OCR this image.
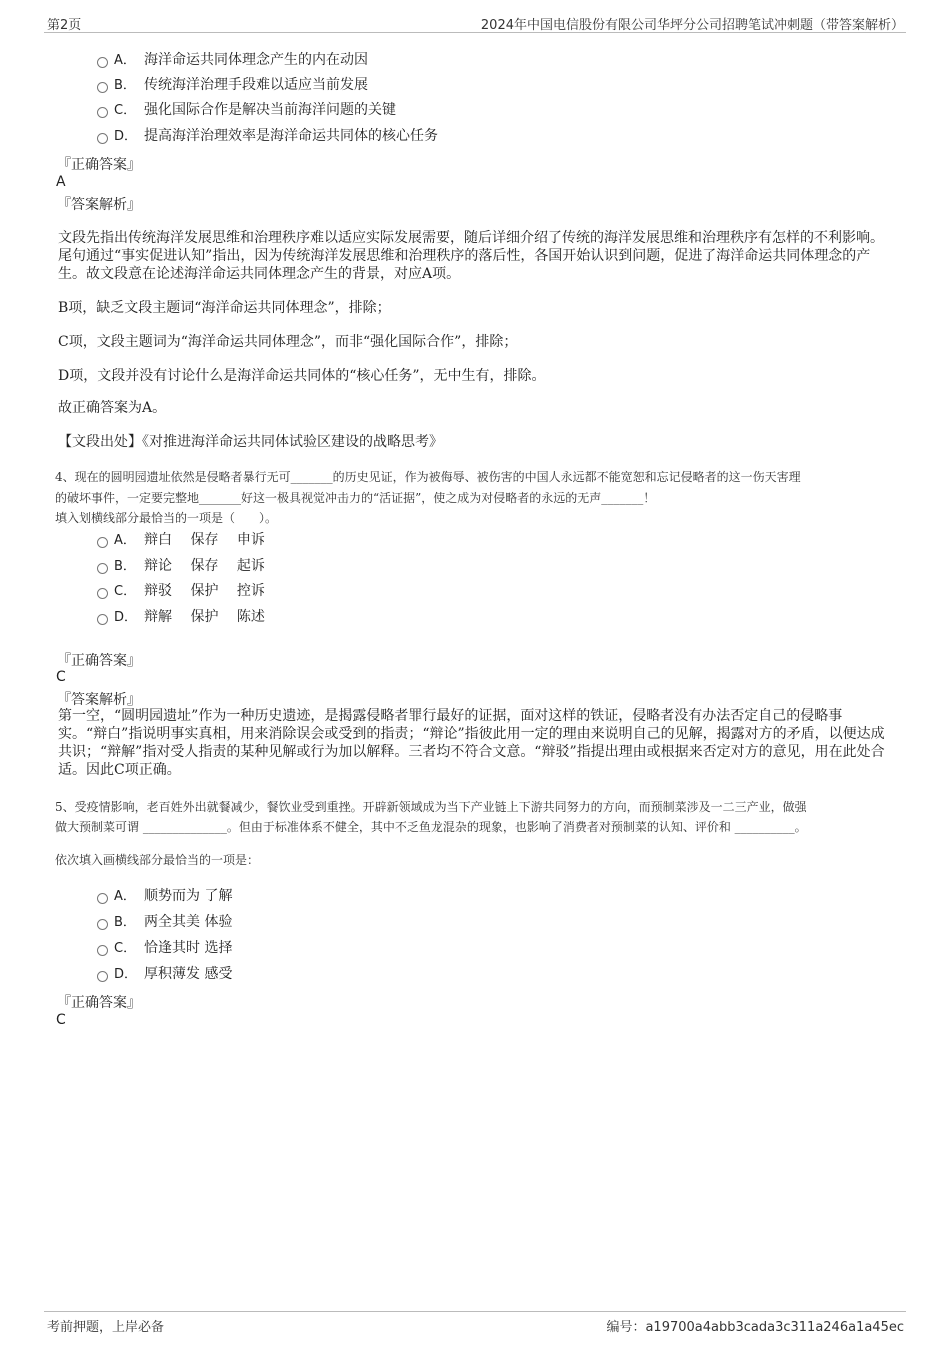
第2页	2024年中国电信股份有限公司华坪分公司招聘笔试冲刺题（带答案解析）
A． 海洋命运共同体理念产生的内在动因
B． 传统海洋治理手段难以适应当前发展
C． 强化国际合作是解决当前海洋问题的关键
D． 提高海洋治理效率是海洋命运共同体的核心任务
『正确答案』
A
『答案解析』
文段先指出传统海洋发展思维和治理秩序难以适应实际发展需要，随后详细介绍了传统的海洋发展思维和治理秩序有怎样的不利影响。尾句通过“事实促进认知”指出，因为传统海洋发展思维和治理秩序的落后性，各国开始认识到问题，促进了海洋命运共同体理念的产生。故文段意在论述海洋命运共同体理念产生的背景，对应A项。
B项，缺乏文段主题词“海洋命运共同体理念”，排除；
C项，文段主题词为“海洋命运共同体理念”，而非“强化国际合作”，排除；
D项，文段并没有讨论什么是海洋命运共同体的“核心任务”，无中生有，排除。
故正确答案为A。
【文段出处】《对推进海洋命运共同体试验区建设的战略思考》
4、现在的圆明园遗址依然是侵略者暴行无可_______的历史见证，作为被侮辱、被伤害的中国人永远都不能宽恕和忘记侵略者的这一伤天害理
的破坏事件，一定要完整地_______好这一极具视觉冲击力的“活证据”，使之成为对侵略者的永远的无声_______！
填入划横线部分最恰当的一项是（　　）。
A． 辩白　 保存　 申诉
B． 辩论　 保存　 起诉
C． 辩驳　 保护　 控诉
D． 辩解　 保护　 陈述
『正确答案』
C
『答案解析』
第一空，“圆明园遗址”作为一种历史遗迹，是揭露侵略者罪行最好的证据，面对这样的铁证，侵略者没有办法否定自己的侵略事实。“辩白”指说明事实真相，用来消除误会或受到的指责；“辩论”指彼此用一定的理由来说明自己的见解，揭露对方的矛盾，以便达成共识；“辩解”指对受人指责的某种见解或行为加以解释。三者均不符合文意。“辩驳”指提出理由或根据来否定对方的意见，用在此处合适。因此C项正确。
5、受疫情影响，老百姓外出就餐减少，餐饮业受到重挫。开辟新领域成为当下产业链上下游共同努力的方向，而预制菜涉及一二三产业，做强
做大预制菜可谓 ______________。但由于标准体系不健全，其中不乏鱼龙混杂的现象，也影响了消费者对预制菜的认知、评价和 __________。
依次填入画横线部分最恰当的一项是：
A． 顺势而为 了解
B． 两全其美 体验
C． 恰逢其时 选择
D． 厚积薄发 感受
『正确答案』
C
考前押题，上岸必备	编号：a19700a4abb3cada3c311a246a1a45ec
